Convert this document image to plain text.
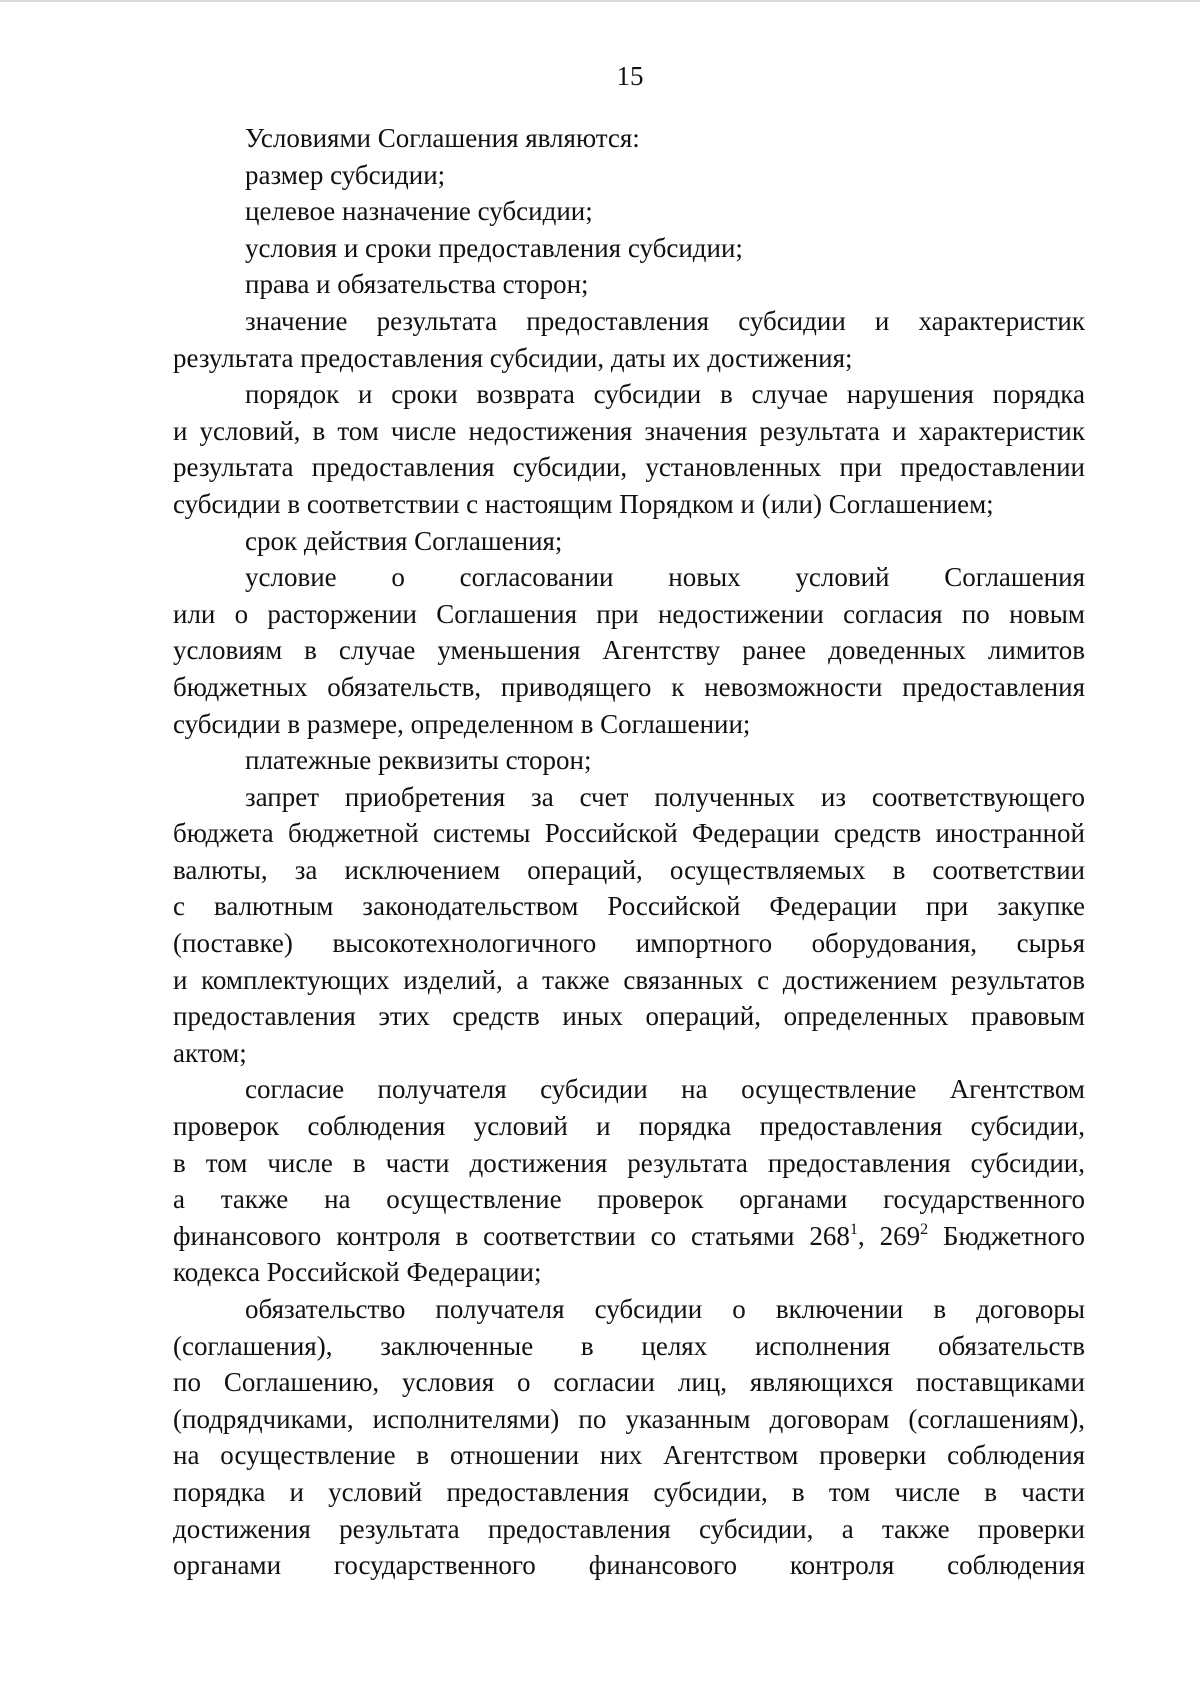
15

Условиями Соглашения являются:

размер субсидии;

целевое назначение субсидии;

условия и сроки предоставления субсидии;

права и обязательства сторон;

значение результата предоставления субсидии и характеристик
результата предоставления субсидии, даты их достижения;

порядок и сроки возврата субсидии в случае нарушения порядка
и условий, в том числе недостижения значения результата и характеристик
результата предоставления субсидии, установленных при предоставлении
субсидии в соответствии с настоящим Порядком и (или) Соглашением;

срок действия Соглашения;

условие о согласовании новых условий Соглашения
или о расторжении Соглашения при недостижении согласия по новым
условиям в случае уменьшения Агентству ранее доведенных лимитов
бюджетных обязательств, приводящего к невозможности предоставления
субсидии в размере, определенном в Соглашении;

платежные реквизиты сторон;

запрет приобретения за счет полученных из соответствующего
бюджета бюджетной системы Российской Федерации средств иностранной
валюты, за исключением операций, осуществляемых в соответствии
с валютным законодательством Российской Федерации при закупке
(поставке) высокотехнологичного импортного оборудования, сырья
и комплектующих изделий, а также связанных с достижением результатов
предоставления этих средств иных операций, определенных правовым
актом;

согласие получателя субсидии на осуществление Агентством
проверок соблюдения условий и порядка предоставления субсидии,
в том числе в части достижения результата предоставления субсидии,
а также на осуществление проверок органами государственного
финансового контроля в соответствии со статьями $268^1$, $269^2$ Бюджетного
кодекса Российской Федерации;

обязательство получателя субсидии о включении в договоры
(соглашения), заключенные в целях исполнения обязательств
по Соглашению, условия о согласии лиц, являющихся поставщиками
(подрядчиками, исполнителями) по указанным договорам (соглашениям),
на осуществление в отношении них Агентством проверки соблюдения
порядка и условий предоставления субсидии, в том числе в части
достижения результата предоставления субсидии, а также проверки
органами государственного финансового контроля соблюдения
